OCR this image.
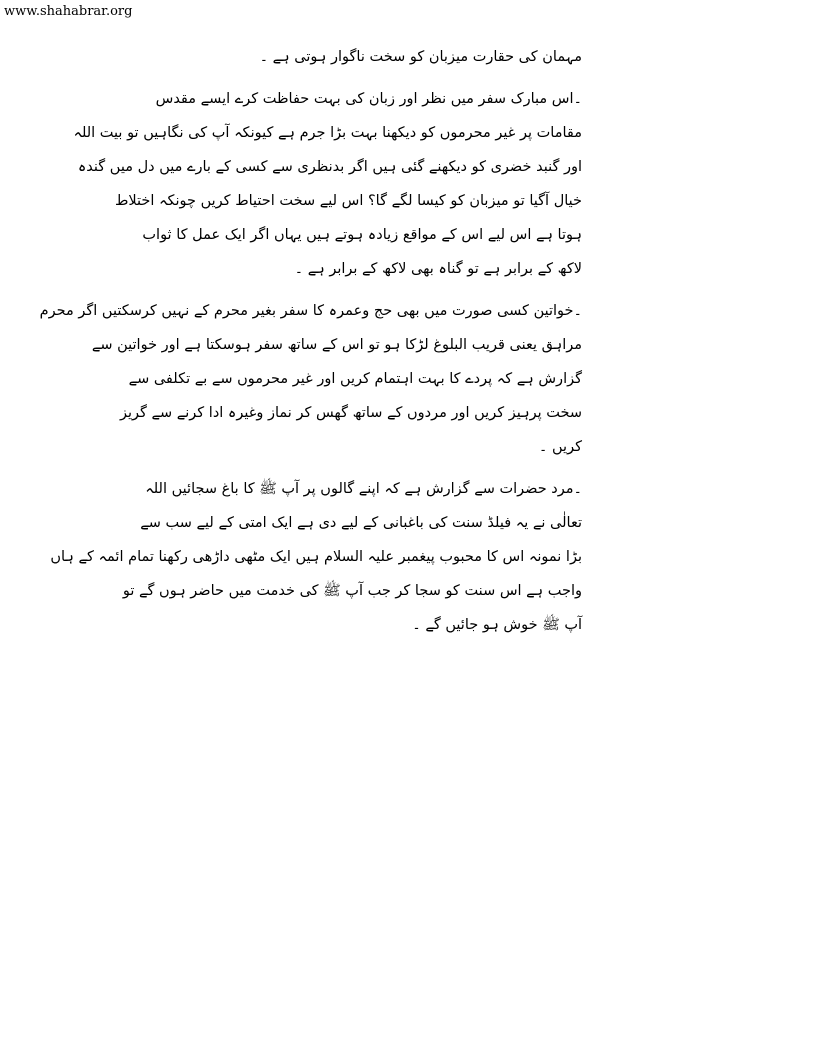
www.shahabrar.org
مہمان کی حقارت میزبان کو سخت ناگوار ہوتی ہے ۔
۔اس مبارک سفر میں نظر اور زبان کی بہت حفاظت کرے ایسے مقدس
مقامات پر غیر محرموں کو دیکھنا بہت بڑا جرم ہے کیونکہ آپ کی نگاہیں تو بیت اللہ
اور گنبد خضری کو دیکھنے گئی ہیں اگر بدنظری سے کسی کے بارے میں دل میں گندہ
خیال آگیا تو میزبان کو کیسا لگے گا؟ اس لیے سخت احتیاط کریں چونکہ اختلاط
ہوتا ہے اس لیے اس کے مواقع زیادہ ہوتے ہیں یہاں اگر ایک عمل کا ثواب
لاکھ کے برابر ہے تو گناہ بھی لاکھ کے برابر ہے ۔
۔خواتین کسی صورت میں بھی حج وعمرہ کا سفر بغیر محرم کے نہیں کرسکتیں اگر محرم
مراہق یعنی قریب البلوغ لڑکا ہو تو اس کے ساتھ سفر ہوسکتا ہے اور خواتین سے
گزارش ہے کہ پردے کا بہت اہتمام کریں اور غیر محرموں سے بے تکلفی سے
سخت پرہیز کریں اور مردوں کے ساتھ گھس کر نماز وغیرہ ادا کرنے سے گریز
کریں ۔
۔مرد حضرات سے گزارش ہے کہ اپنے گالوں پر آپ ﷺ کا باغ سجائیں اللہ
تعالٰی نے یہ فیلڈ سنت کی باغبانی کے لیے دی ہے ایک امتی کے لیے سب سے
بڑا نمونہ اس کا محبوب پیغمبر علیہ السلام ہیں ایک مٹھی داڑھی رکھنا تمام ائمہ کے ہاں
واجب ہے اس سنت کو سجا کر جب آپ ﷺ کی خدمت میں حاضر ہوں گے تو
آپ ﷺ خوش ہو جائیں گے ۔
